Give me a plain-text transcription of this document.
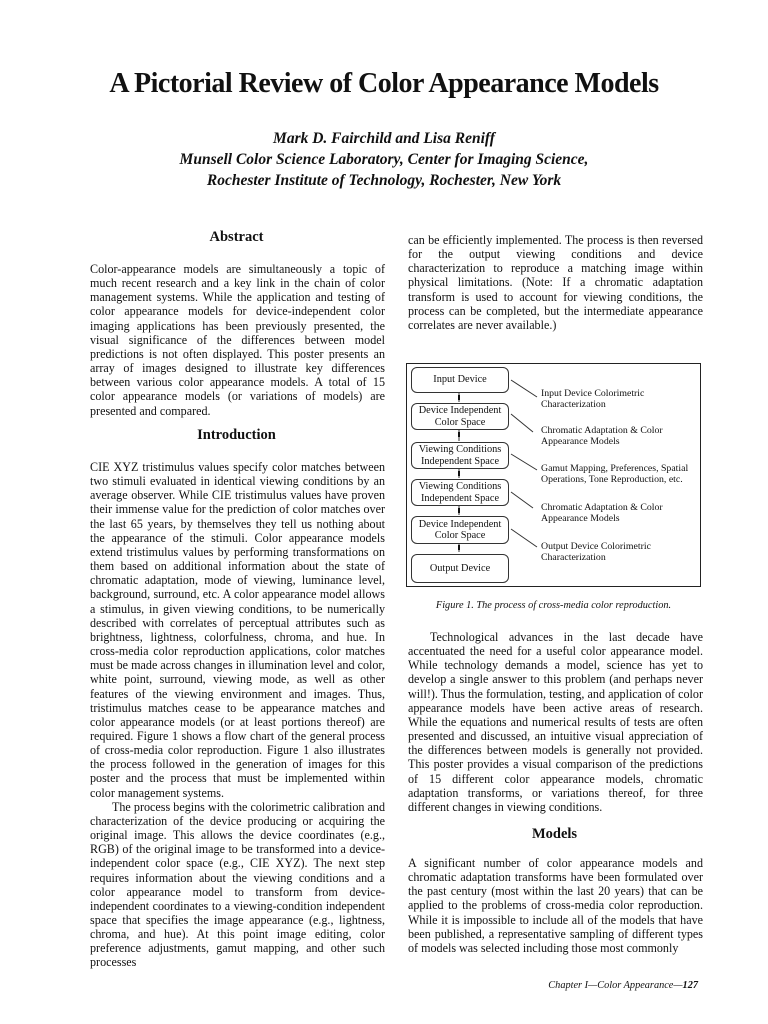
A Pictorial Review of Color Appearance Models
Mark D. Fairchild and Lisa Reniff
Munsell Color Science Laboratory, Center for Imaging Science,
Rochester Institute of Technology, Rochester, New York
Abstract

Color-appearance models are simultaneously a topic of much recent research and a key link in the chain of color management systems. While the application and testing of color appearance models for device-independent color imaging applications has been previously presented, the visual significance of the differences between model predictions is not often displayed. This poster presents an array of images designed to illustrate key differences between various color appearance models. A total of 15 color appearance models (or variations of models) are presented and compared.

Introduction

CIE XYZ tristimulus values specify color matches between two stimuli evaluated in identical viewing conditions by an average observer. While CIE tristimulus values have proven their immense value for the prediction of color matches over the last 65 years, by themselves they tell us nothing about the appearance of the stimuli. Color appearance models extend tristimulus values by performing transformations on them based on additional information about the state of chromatic adaptation, mode of viewing, luminance level, background, surround, etc. A color appearance model allows a stimulus, in given viewing conditions, to be numerically described with correlates of perceptual attributes such as brightness, lightness, colorfulness, chroma, and hue. In cross-media color reproduction applications, color matches must be made across changes in illumination level and color, white point, surround, viewing mode, as well as other features of the viewing environment and images. Thus, tristimulus matches cease to be appearance matches and color appearance models (or at least portions thereof) are required. Figure 1 shows a flow chart of the general process of cross-media color reproduction. Figure 1 also illustrates the process followed in the generation of images for this poster and the process that must be implemented within color management systems.

The process begins with the colorimetric calibration and characterization of the device producing or acquiring the original image. This allows the device coordinates (e.g., RGB) of the original image to be transformed into a device-independent color space (e.g., CIE XYZ). The next step requires information about the viewing conditions and a color appearance model to transform from device-independent coordinates to a viewing-condition independent space that specifies the image appearance (e.g., lightness, chroma, and hue). At this point image editing, color preference adjustments, gamut mapping, and other such processes

can be efficiently implemented. The process is then reversed for the output viewing conditions and device characterization to reproduce a matching image within physical limitations. (Note: If a chromatic adaptation transform is used to account for viewing conditions, the process can be completed, but the intermediate appearance correlates are never available.)

Input Device
Device Independent Color Space
Viewing Conditions Independent Space
Viewing Conditions Independent Space
Device Independent Color Space
Output Device
Input Device Colorimetric Characterization
Chromatic Adaptation & Color Appearance Models
Gamut Mapping, Preferences, Spatial Operations, Tone Reproduction, etc.
Chromatic Adaptation & Color Appearance Models
Output Device Colorimetric Characterization
Figure 1. The process of cross-media color reproduction.

Technological advances in the last decade have accentuated the need for a useful color appearance model. While technology demands a model, science has yet to develop a single answer to this problem (and perhaps never will!). Thus the formulation, testing, and application of color appearance models have been active areas of research. While the equations and numerical results of tests are often presented and discussed, an intuitive visual appreciation of the differences between models is generally not provided. This poster provides a visual comparison of the predictions of 15 different color appearance models, chromatic adaptation transforms, or variations thereof, for three different changes in viewing conditions.

Models

A significant number of color appearance models and chromatic adaptation transforms have been formulated over the past century (most within the last 20 years) that can be applied to the problems of cross-media color reproduction. While it is impossible to include all of the models that have been published, a representative sampling of different types of models was selected including those most commonly

Chapter I—Color Appearance—127
